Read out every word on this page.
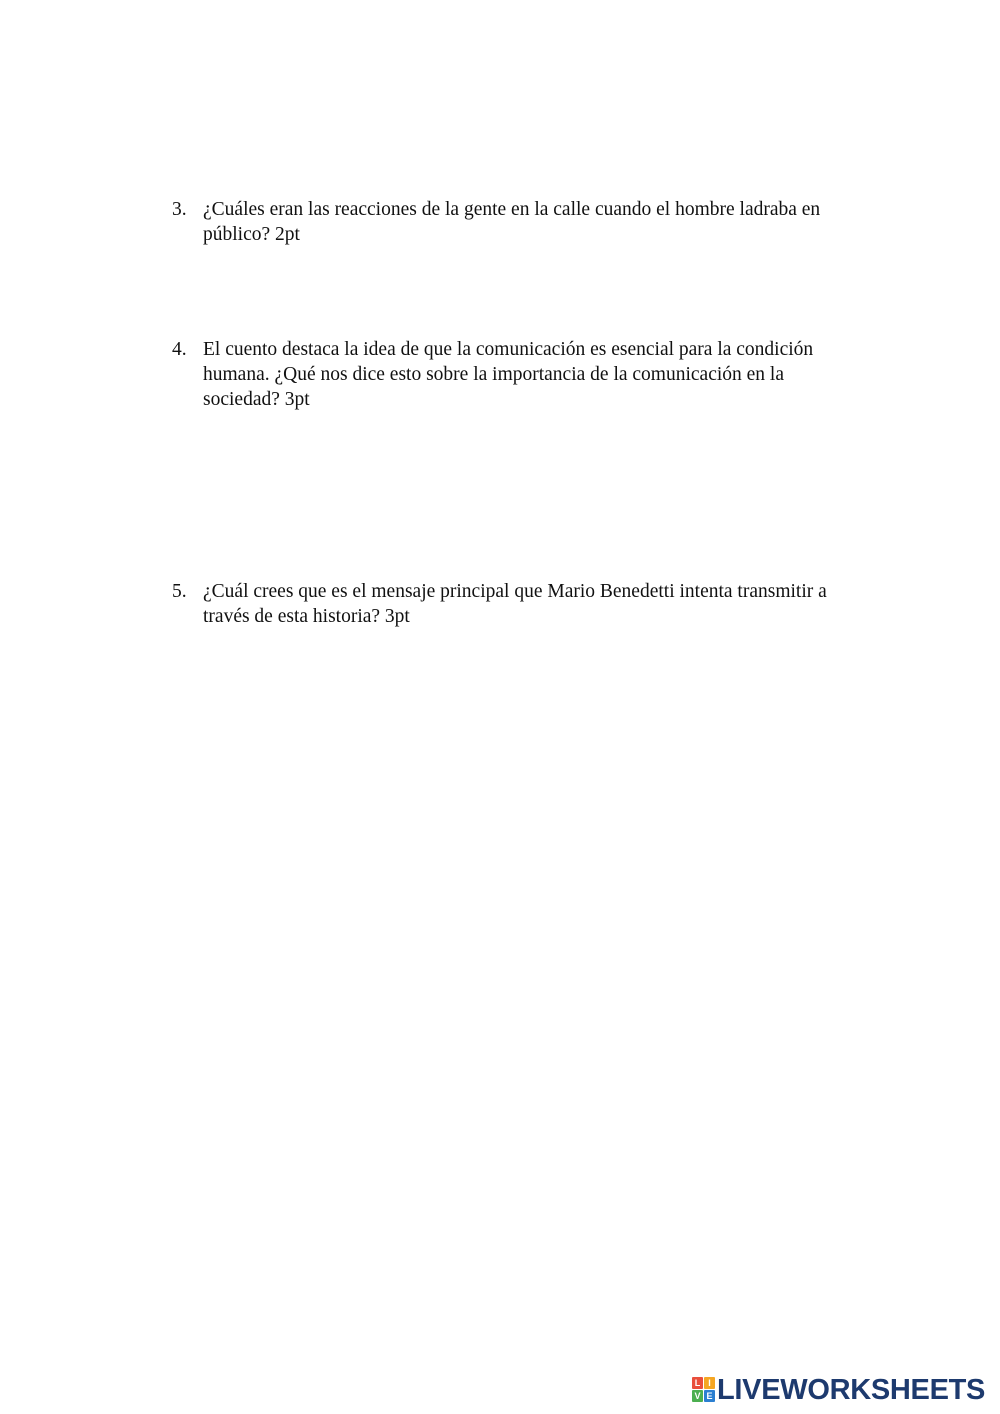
3. ¿Cuáles eran las reacciones de la gente en la calle cuando el hombre ladraba en
público? 2pt
4. El cuento destaca la idea de que la comunicación es esencial para la condición
humana. ¿Qué nos dice esto sobre la importancia de la comunicación en la
sociedad? 3pt
5. ¿Cuál crees que es el mensaje principal que Mario Benedetti intenta transmitir a
través de esta historia? 3pt
L I
V E LIVEWORKSHEETS
